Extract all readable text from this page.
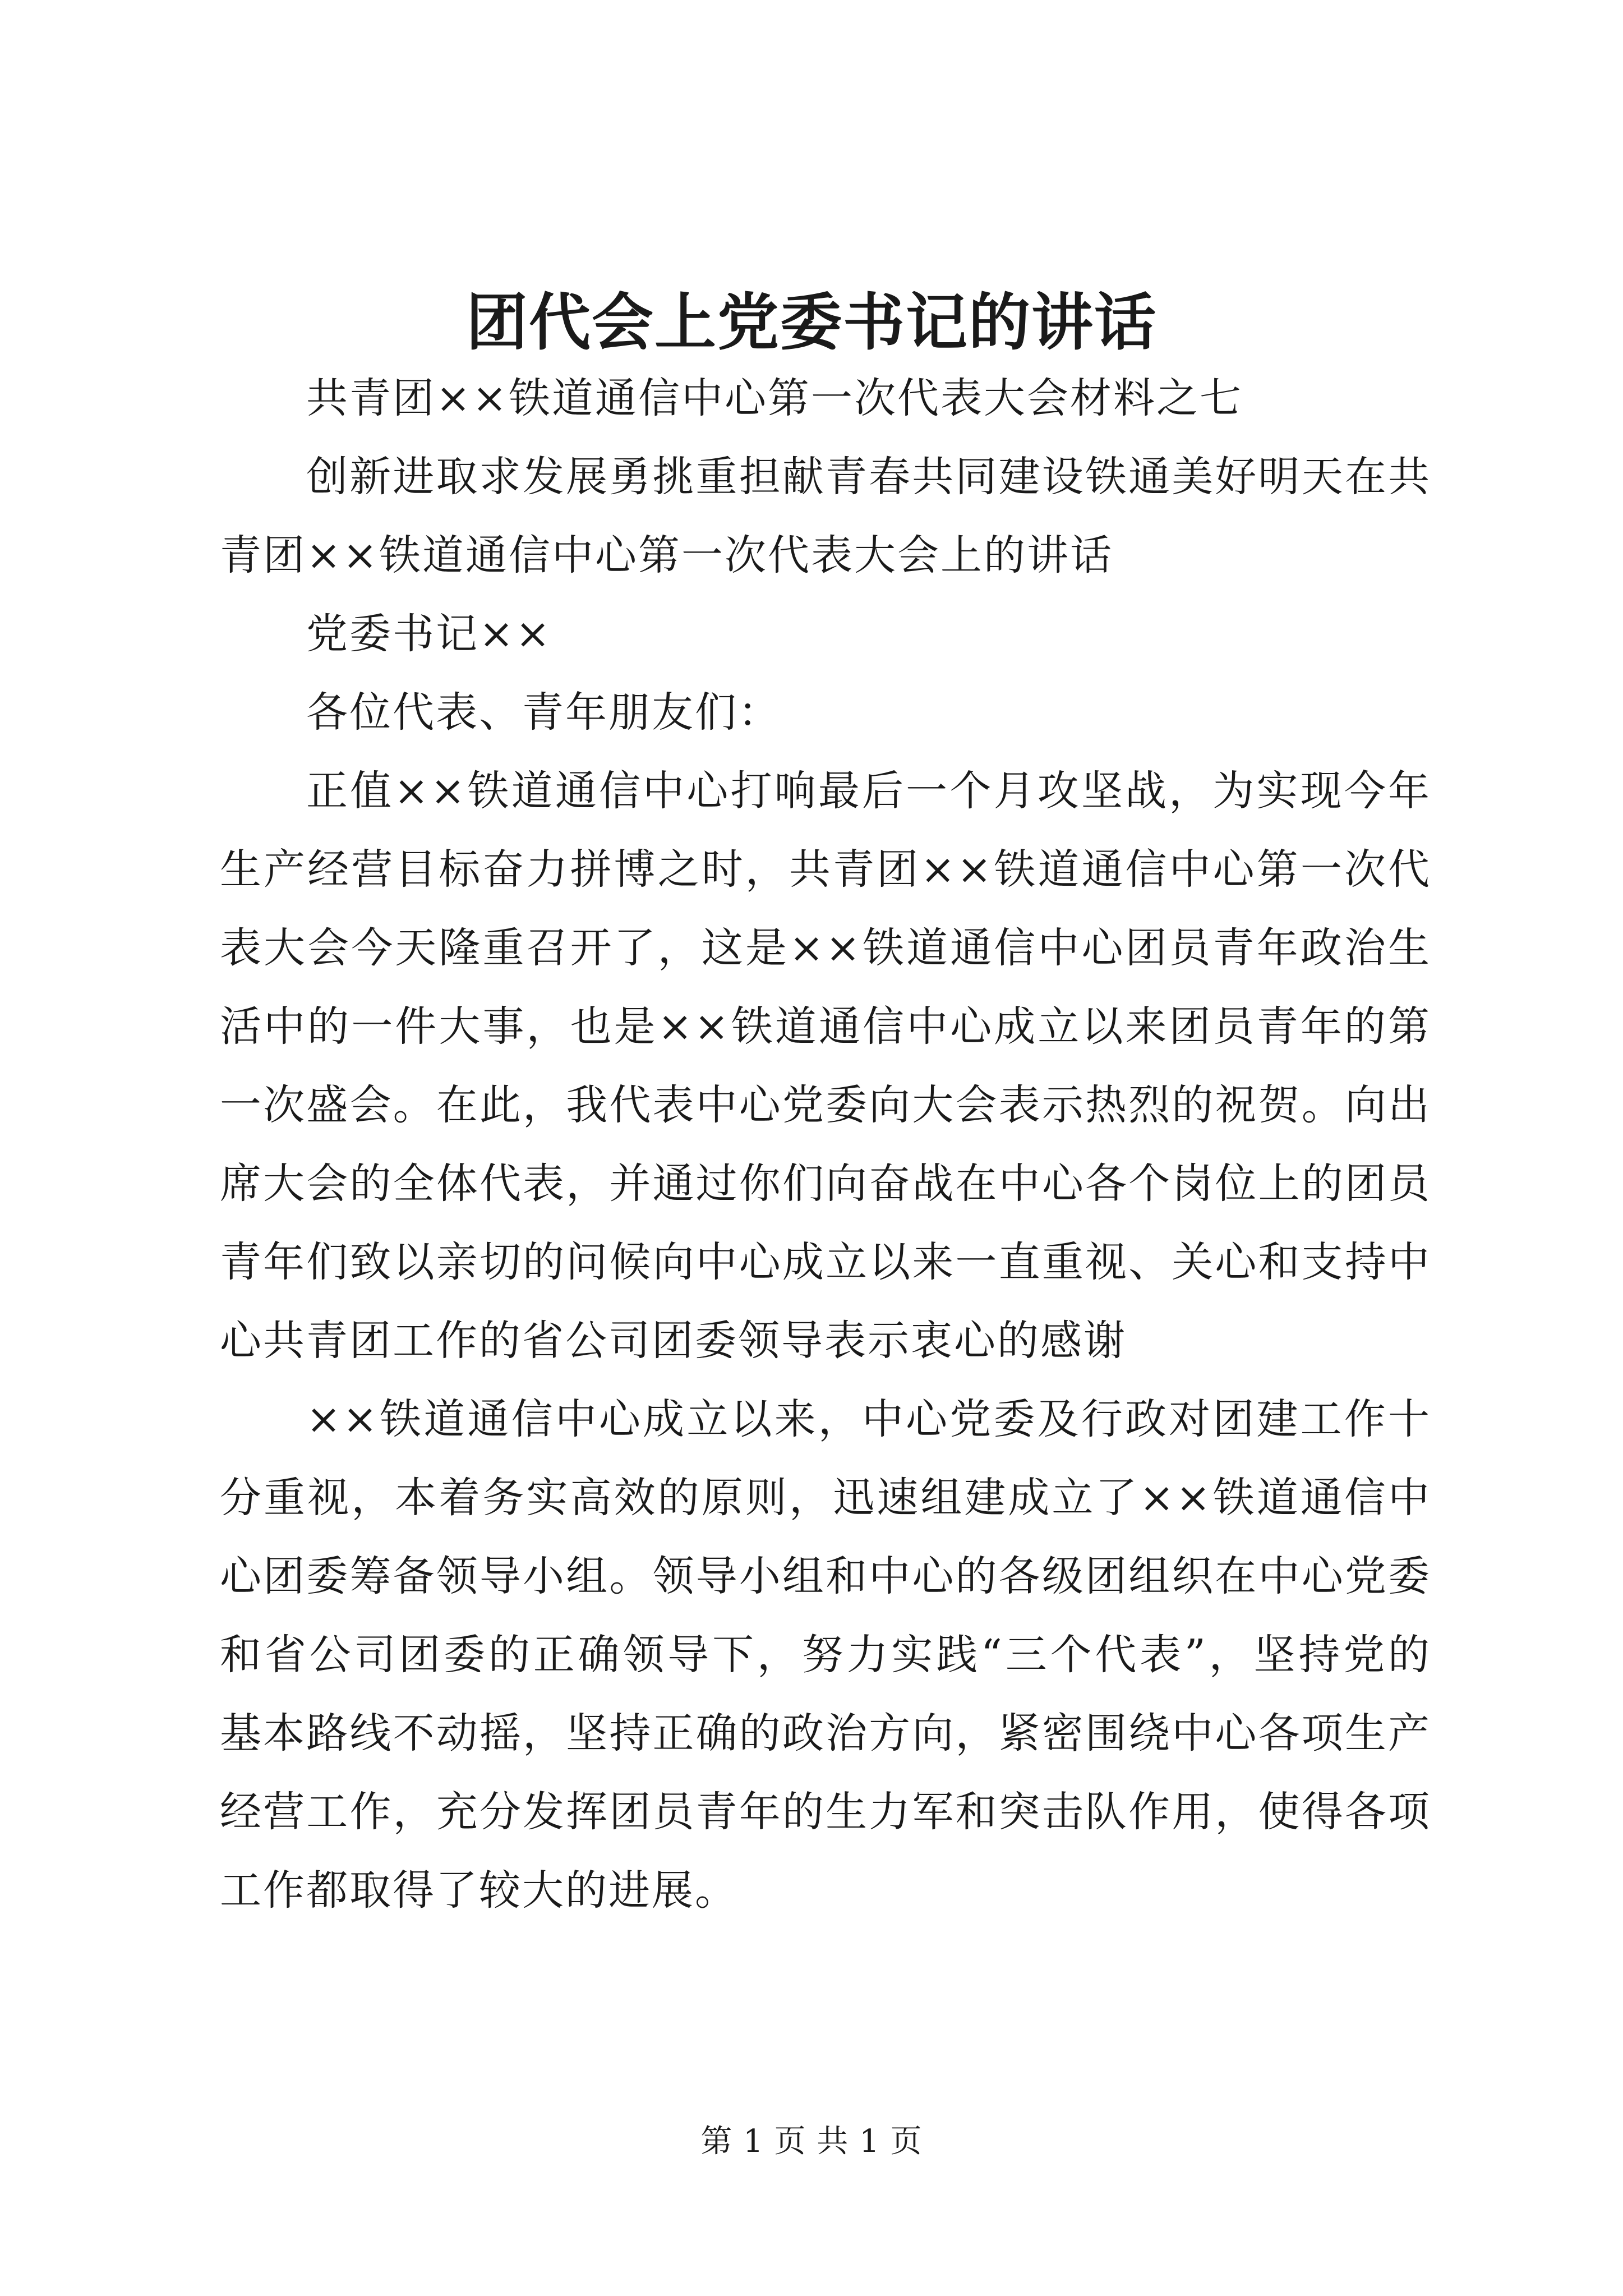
团代会上党委书记的讲话

共青团××铁道通信中心第一次代表大会材料之七

创新进取求发展勇挑重担献青春共同建设铁通美好明天在共青团××铁道通信中心第一次代表大会上的讲话

党委书记××

各位代表、青年朋友们：

正值××铁道通信中心打响最后一个月攻坚战，为实现今年生产经营目标奋力拼博之时，共青团××铁道通信中心第一次代表大会今天隆重召开了，这是××铁道通信中心团员青年政治生活中的一件大事，也是××铁道通信中心成立以来团员青年的第一次盛会。在此，我代表中心党委向大会表示热烈的祝贺。向出席大会的全体代表，并通过你们向奋战在中心各个岗位上的团员青年们致以亲切的问候向中心成立以来一直重视、关心和支持中心共青团工作的省公司团委领导表示衷心的感谢

××铁道通信中心成立以来，中心党委及行政对团建工作十分重视，本着务实高效的原则，迅速组建成立了××铁道通信中心团委筹备领导小组。领导小组和中心的各级团组织在中心党委和省公司团委的正确领导下，努力实践“三个代表”，坚持党的基本路线不动摇，坚持正确的政治方向，紧密围绕中心各项生产经营工作，充分发挥团员青年的生力军和突击队作用，使得各项工作都取得了较大的进展。

第 1 页 共 1 页
